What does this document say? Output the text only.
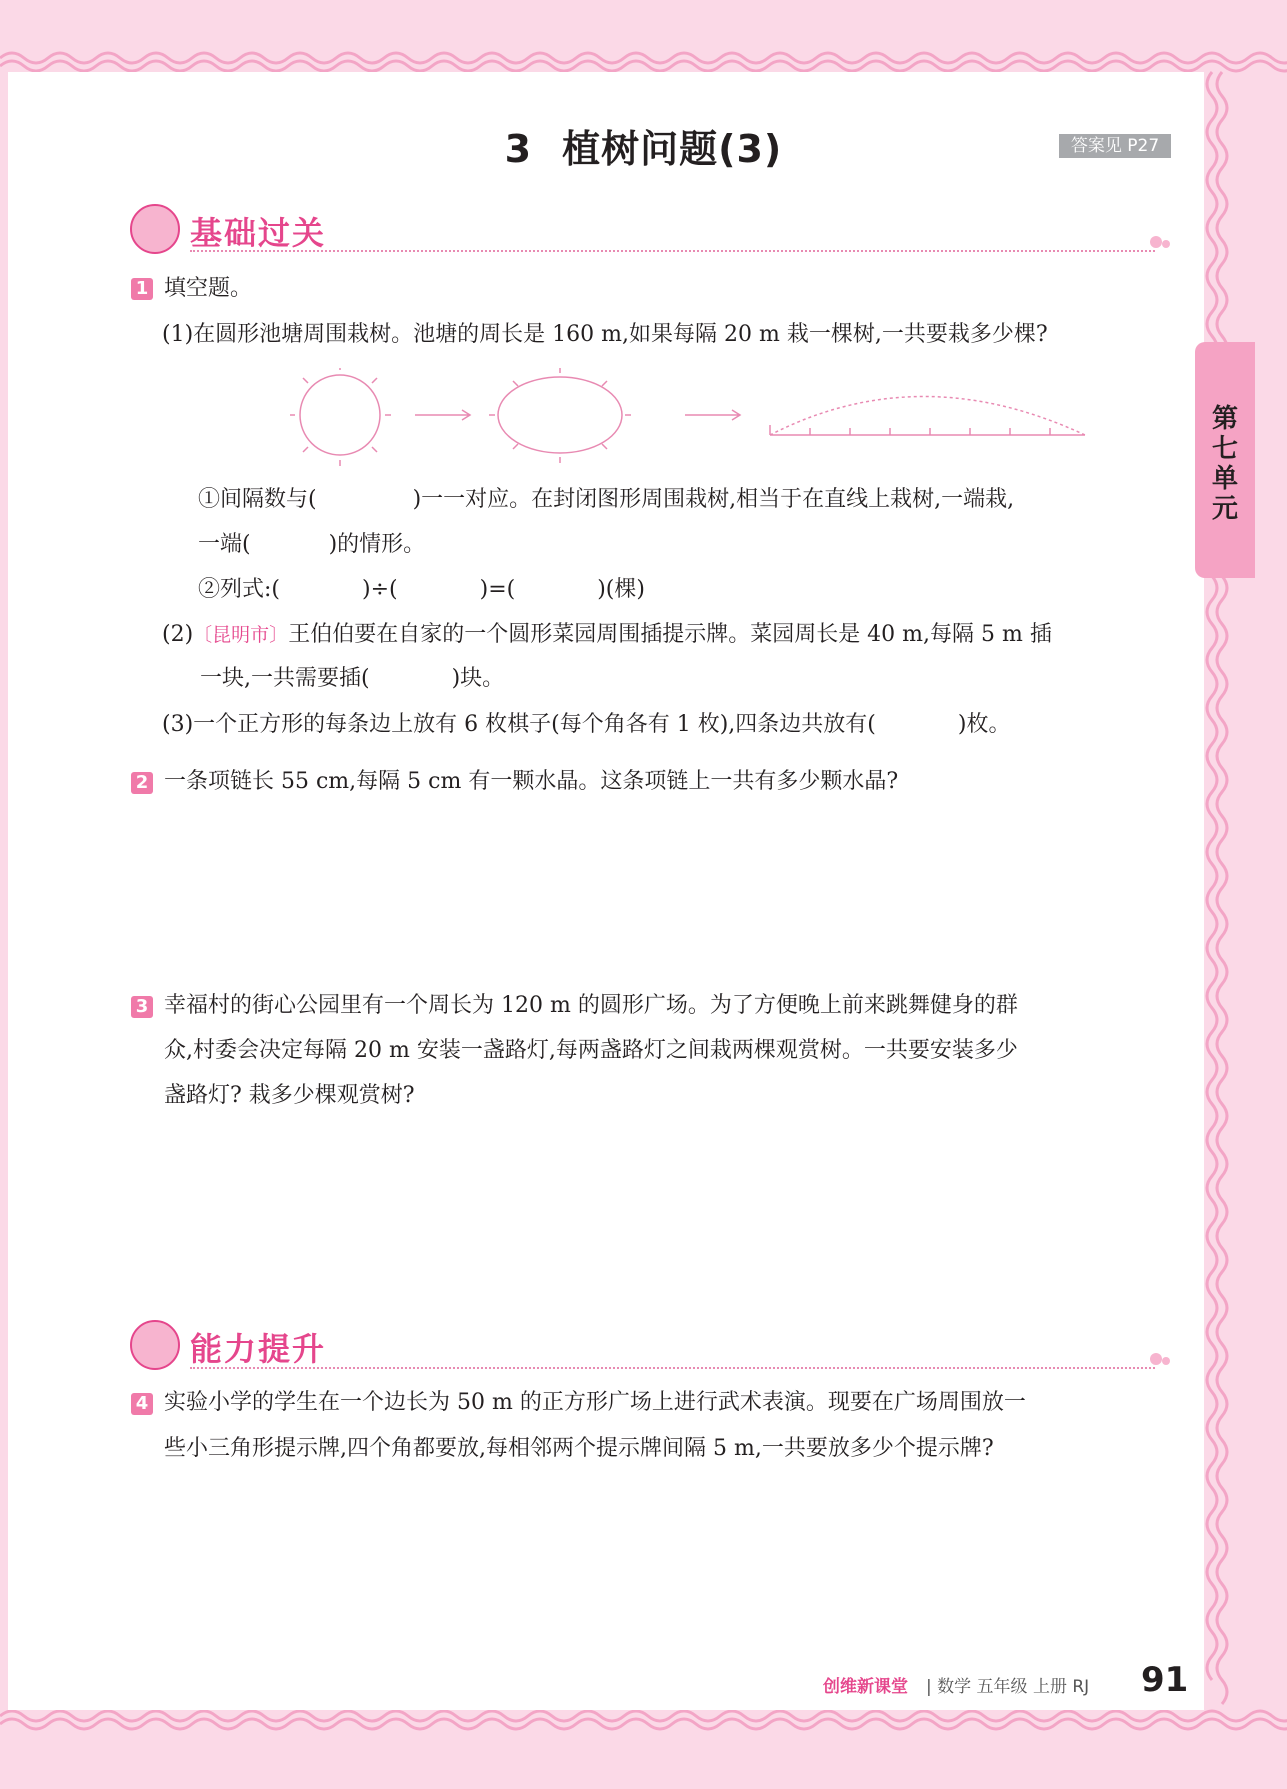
3 植树问题(3)	答案见 P27
第七单元
基础过关
1 填空题。
(1)在圆形池塘周围栽树。池塘的周长是 160 m,如果每隔 20 m 栽一棵树,一共要栽多少棵?
①间隔数与(	)一一对应。在封闭图形周围栽树,相当于在直线上栽树,一端栽,
一端(	)的情形。
②列式:(	)÷(	)=(	)(棵)
(2)〔昆明市〕王伯伯要在自家的一个圆形菜园周围插提示牌。菜园周长是 40 m,每隔 5 m 插
一块,一共需要插(	)块。
(3)一个正方形的每条边上放有 6 枚棋子(每个角各有 1 枚),四条边共放有(	)枚。
2 一条项链长 55 cm,每隔 5 cm 有一颗水晶。这条项链上一共有多少颗水晶?
3 幸福村的街心公园里有一个周长为 120 m 的圆形广场。为了方便晚上前来跳舞健身的群
众,村委会决定每隔 20 m 安装一盏路灯,每两盏路灯之间栽两棵观赏树。一共要安装多少
盏路灯? 栽多少棵观赏树?
能力提升
4 实验小学的学生在一个边长为 50 m 的正方形广场上进行武术表演。现要在广场周围放一
些小三角形提示牌,四个角都要放,每相邻两个提示牌间隔 5 m,一共要放多少个提示牌?
创维新课堂 | 数学 五年级 上册 RJ 91
